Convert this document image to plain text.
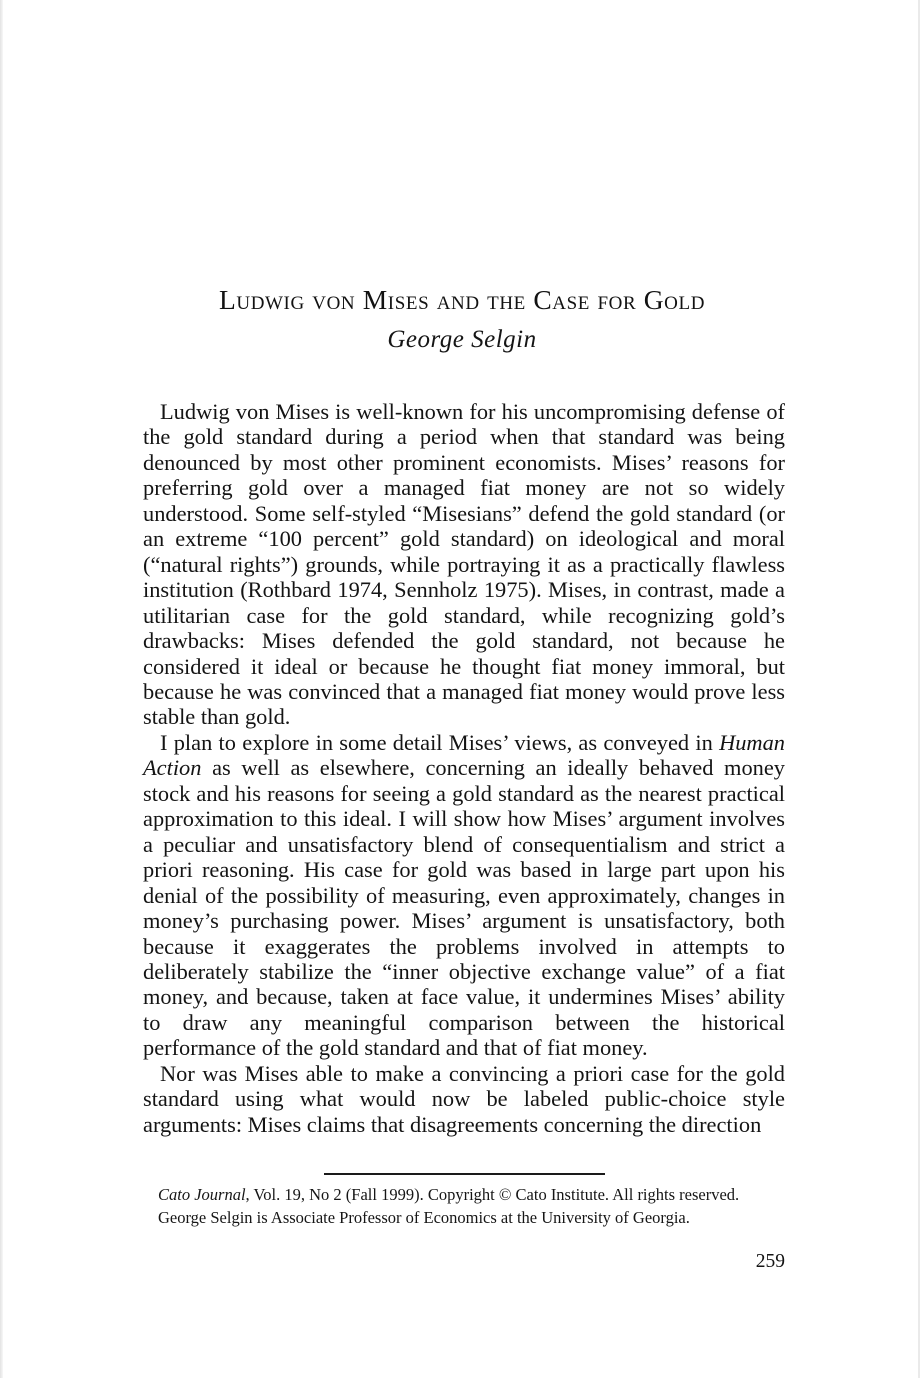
Ludwig von Mises and the Case for Gold
George Selgin

Ludwig von Mises is well-known for his uncompromising defense of the gold standard during a period when that standard was being denounced by most other prominent economists. Mises’ reasons for preferring gold over a managed fiat money are not so widely understood. Some self-styled “Misesians” defend the gold standard (or an extreme “100 percent” gold standard) on ideological and moral (“natural rights”) grounds, while portraying it as a practically flawless institution (Rothbard 1974, Sennholz 1975). Mises, in contrast, made a utilitarian case for the gold standard, while recognizing gold’s drawbacks: Mises defended the gold standard, not because he considered it ideal or because he thought fiat money immoral, but because he was convinced that a managed fiat money would prove less stable than gold.

I plan to explore in some detail Mises’ views, as conveyed in Human Action as well as elsewhere, concerning an ideally behaved money stock and his reasons for seeing a gold standard as the nearest practical approximation to this ideal. I will show how Mises’ argument involves a peculiar and unsatisfactory blend of consequentialism and strict a priori reasoning. His case for gold was based in large part upon his denial of the possibility of measuring, even approximately, changes in money’s purchasing power. Mises’ argument is unsatisfactory, both because it exaggerates the problems involved in attempts to deliberately stabilize the “inner objective exchange value” of a fiat money, and because, taken at face value, it undermines Mises’ ability to draw any meaningful comparison between the historical performance of the gold standard and that of fiat money.

Nor was Mises able to make a convincing a priori case for the gold standard using what would now be labeled public-choice style arguments: Mises claims that disagreements concerning the direction

Cato Journal, Vol. 19, No 2 (Fall 1999). Copyright © Cato Institute. All rights reserved.
George Selgin is Associate Professor of Economics at the University of Georgia.
259
